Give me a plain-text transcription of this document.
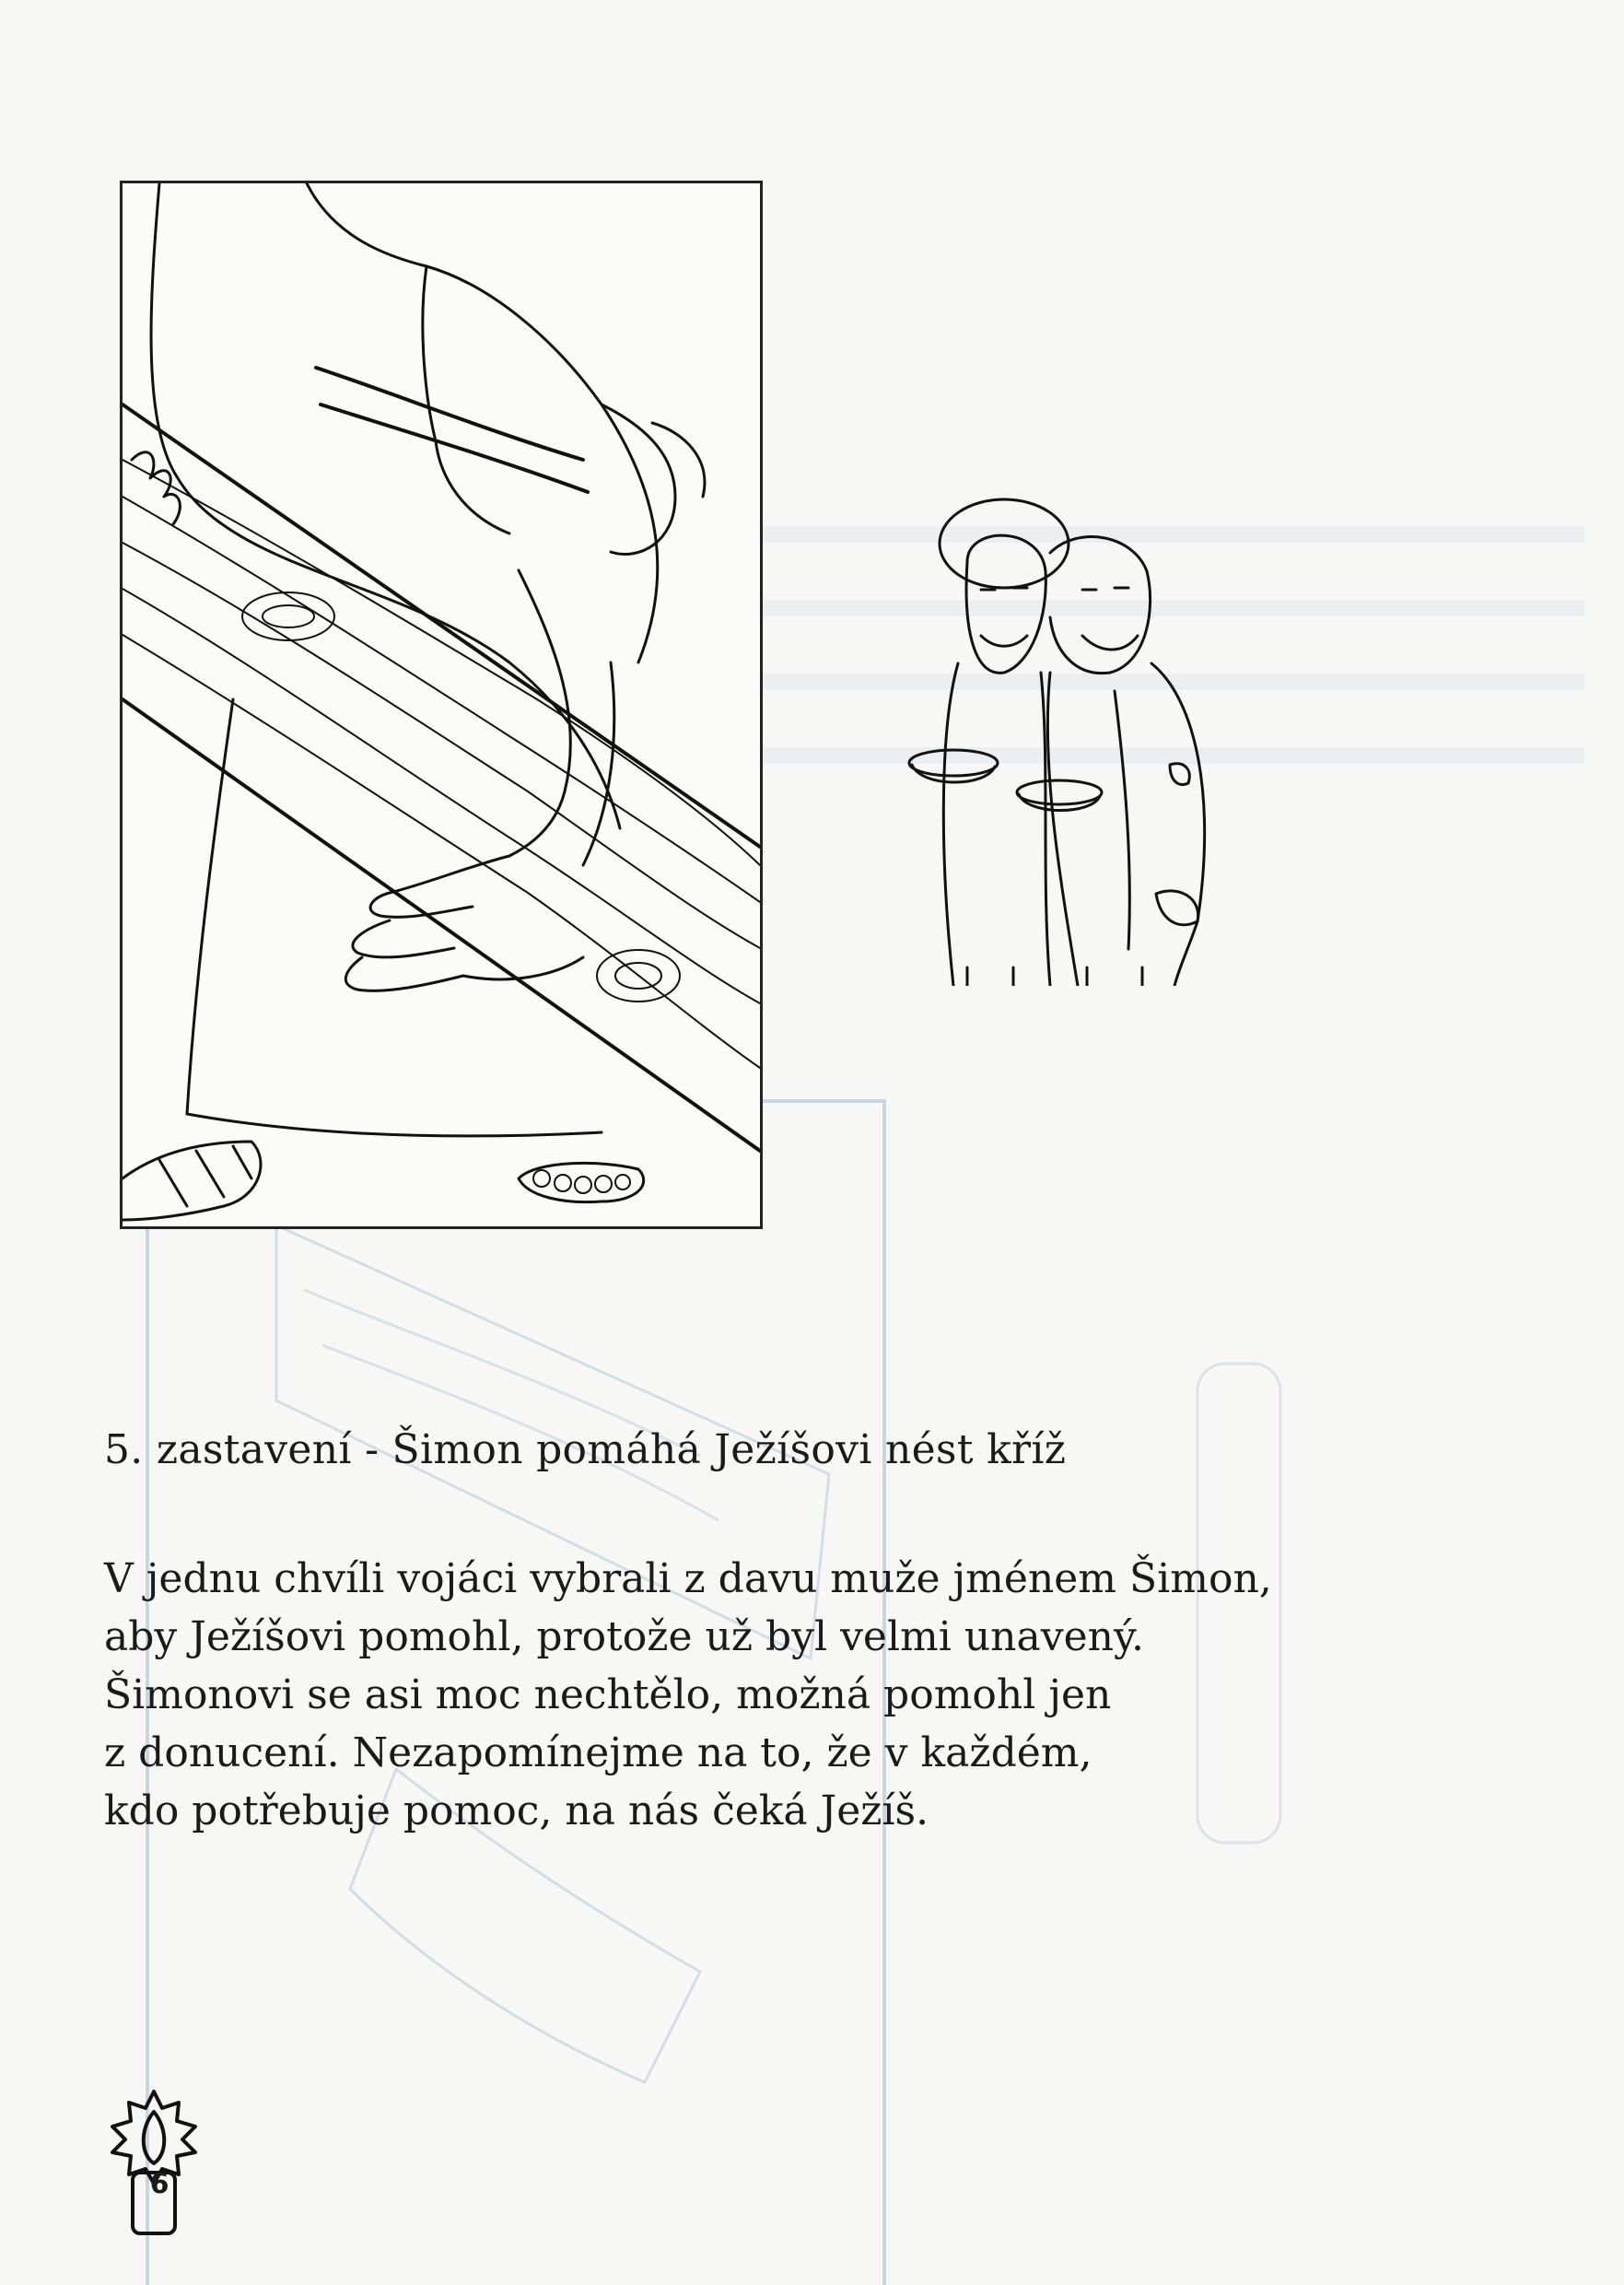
5. zastavení - Šimon pomáhá Ježíšovi nést kříž

V jednu chvíli vojáci vybrali z davu muže jménem Šimon,
aby Ježíšovi pomohl, protože už byl velmi unavený.
Šimonovi se asi moc nechtělo, možná pomohl jen
z donucení. Nezapomínejme na to, že v každém,
kdo potřebuje pomoc, na nás čeká Ježíš.

6
